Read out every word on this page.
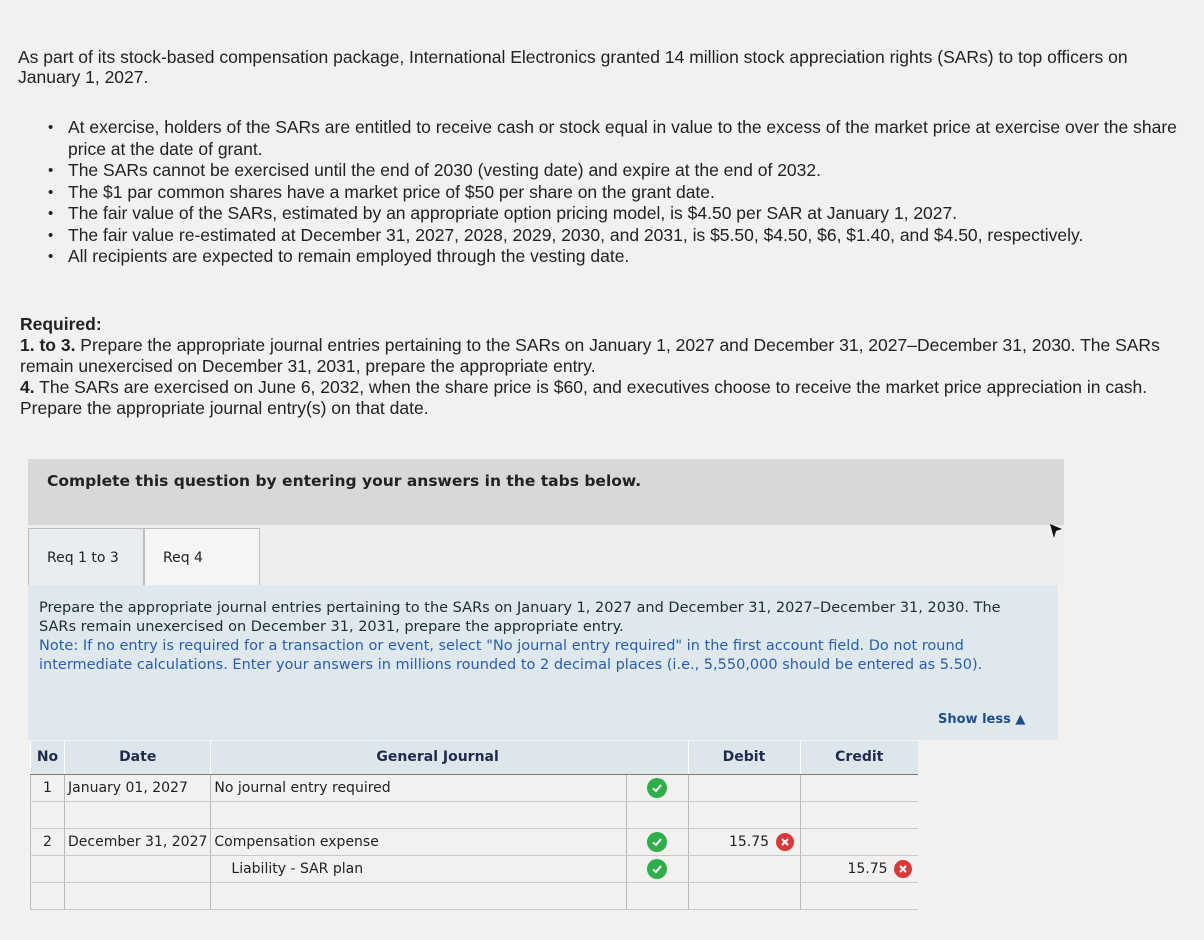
As part of its stock-based compensation package, International Electronics granted 14 million stock appreciation rights (SARs) to top officers on January 1, 2027.
• At exercise, holders of the SARs are entitled to receive cash or stock equal in value to the excess of the market price at exercise over the share price at the date of grant.
• The SARs cannot be exercised until the end of 2030 (vesting date) and expire at the end of 2032.
• The $1 par common shares have a market price of $50 per share on the grant date.
• The fair value of the SARs, estimated by an appropriate option pricing model, is $4.50 per SAR at January 1, 2027.
• The fair value re-estimated at December 31, 2027, 2028, 2029, 2030, and 2031, is $5.50, $4.50, $6, $1.40, and $4.50, respectively.
• All recipients are expected to remain employed through the vesting date.
Required:
1. to 3. Prepare the appropriate journal entries pertaining to the SARs on January 1, 2027 and December 31, 2027–December 31, 2030. The SARs remain unexercised on December 31, 2031, prepare the appropriate entry.
4. The SARs are exercised on June 6, 2032, when the share price is $60, and executives choose to receive the market price appreciation in cash. Prepare the appropriate journal entry(s) on that date.
Complete this question by entering your answers in the tabs below.
Req 1 to 3	Req 4
Prepare the appropriate journal entries pertaining to the SARs on January 1, 2027 and December 31, 2027–December 31, 2030. The SARs remain unexercised on December 31, 2031, prepare the appropriate entry.
Note: If no entry is required for a transaction or event, select "No journal entry required" in the first account field. Do not round intermediate calculations. Enter your answers in millions rounded to 2 decimal places (i.e., 5,550,000 should be entered as 5.50).
Show less ▲
No	Date	General Journal		Debit	Credit
1	January 01, 2027	No journal entry required	

2	December 31, 2027	Compensation expense		15.75

		Liability - SAR plan			15.75
